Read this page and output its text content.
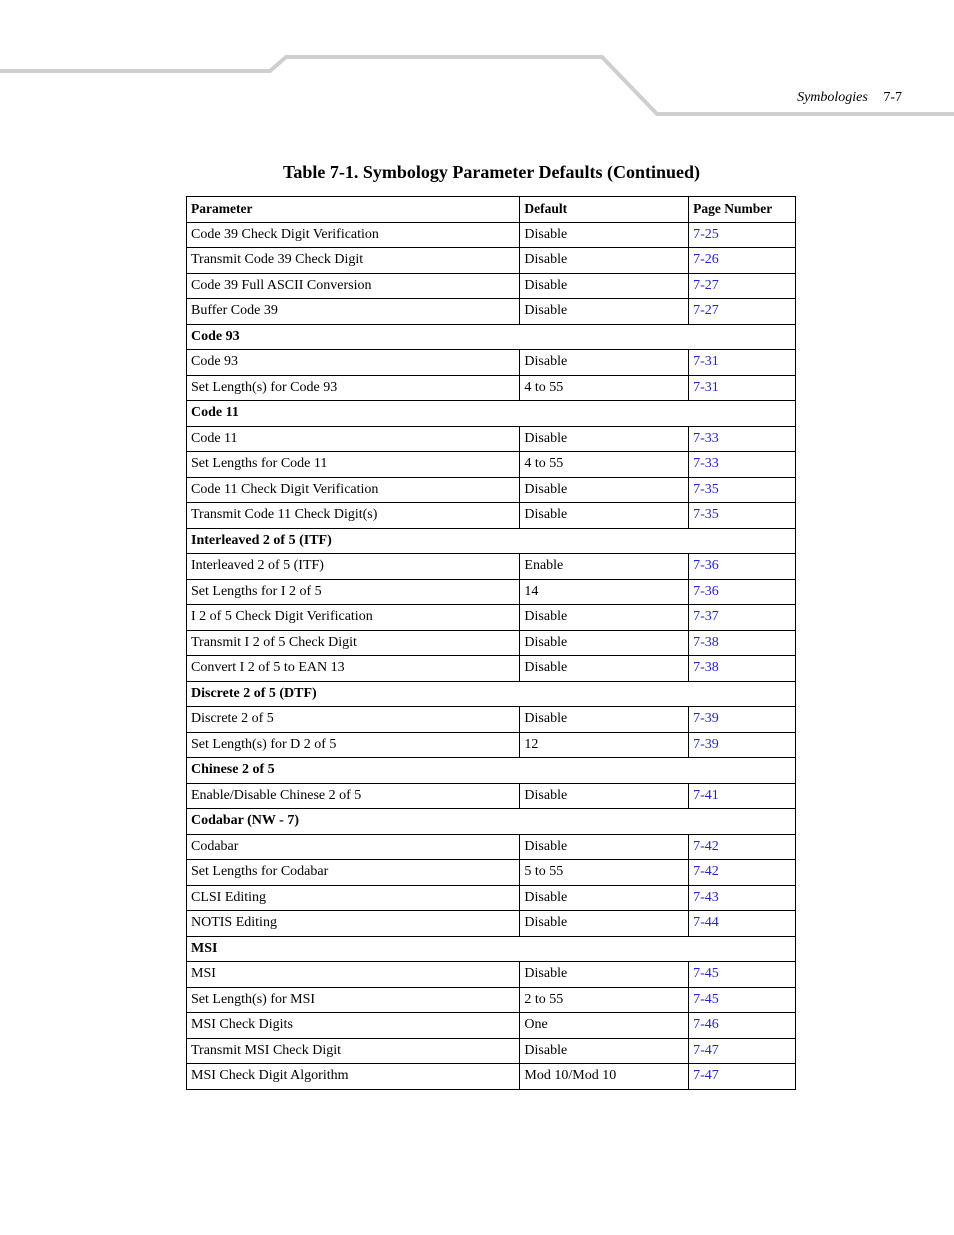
Symbologies 7-7
Table 7-1. Symbology Parameter Defaults (Continued)
Parameter	Default	Page Number
Code 39 Check Digit Verification	Disable	7-25
Transmit Code 39 Check Digit	Disable	7-26
Code 39 Full ASCII Conversion	Disable	7-27
Buffer Code 39	Disable	7-27
Code 93		
Code 93	Disable	7-31
Set Length(s) for Code 93	4 to 55	7-31
Code 11		
Code 11	Disable	7-33
Set Lengths for Code 11	4 to 55	7-33
Code 11 Check Digit Verification	Disable	7-35
Transmit Code 11 Check Digit(s)	Disable	7-35
Interleaved 2 of 5 (ITF)		
Interleaved 2 of 5 (ITF)	Enable	7-36
Set Lengths for I 2 of 5	14	7-36
I 2 of 5 Check Digit Verification	Disable	7-37
Transmit I 2 of 5 Check Digit	Disable	7-38
Convert I 2 of 5 to EAN 13	Disable	7-38
Discrete 2 of 5 (DTF)		
Discrete 2 of 5	Disable	7-39
Set Length(s) for D 2 of 5	12	7-39
Chinese 2 of 5		
Enable/Disable Chinese 2 of 5	Disable	7-41
Codabar (NW - 7)		
Codabar	Disable	7-42
Set Lengths for Codabar	5 to 55	7-42
CLSI Editing	Disable	7-43
NOTIS Editing	Disable	7-44
MSI		
MSI	Disable	7-45
Set Length(s) for MSI	2 to 55	7-45
MSI Check Digits	One	7-46
Transmit MSI Check Digit	Disable	7-47
MSI Check Digit Algorithm	Mod 10/Mod 10	7-47
